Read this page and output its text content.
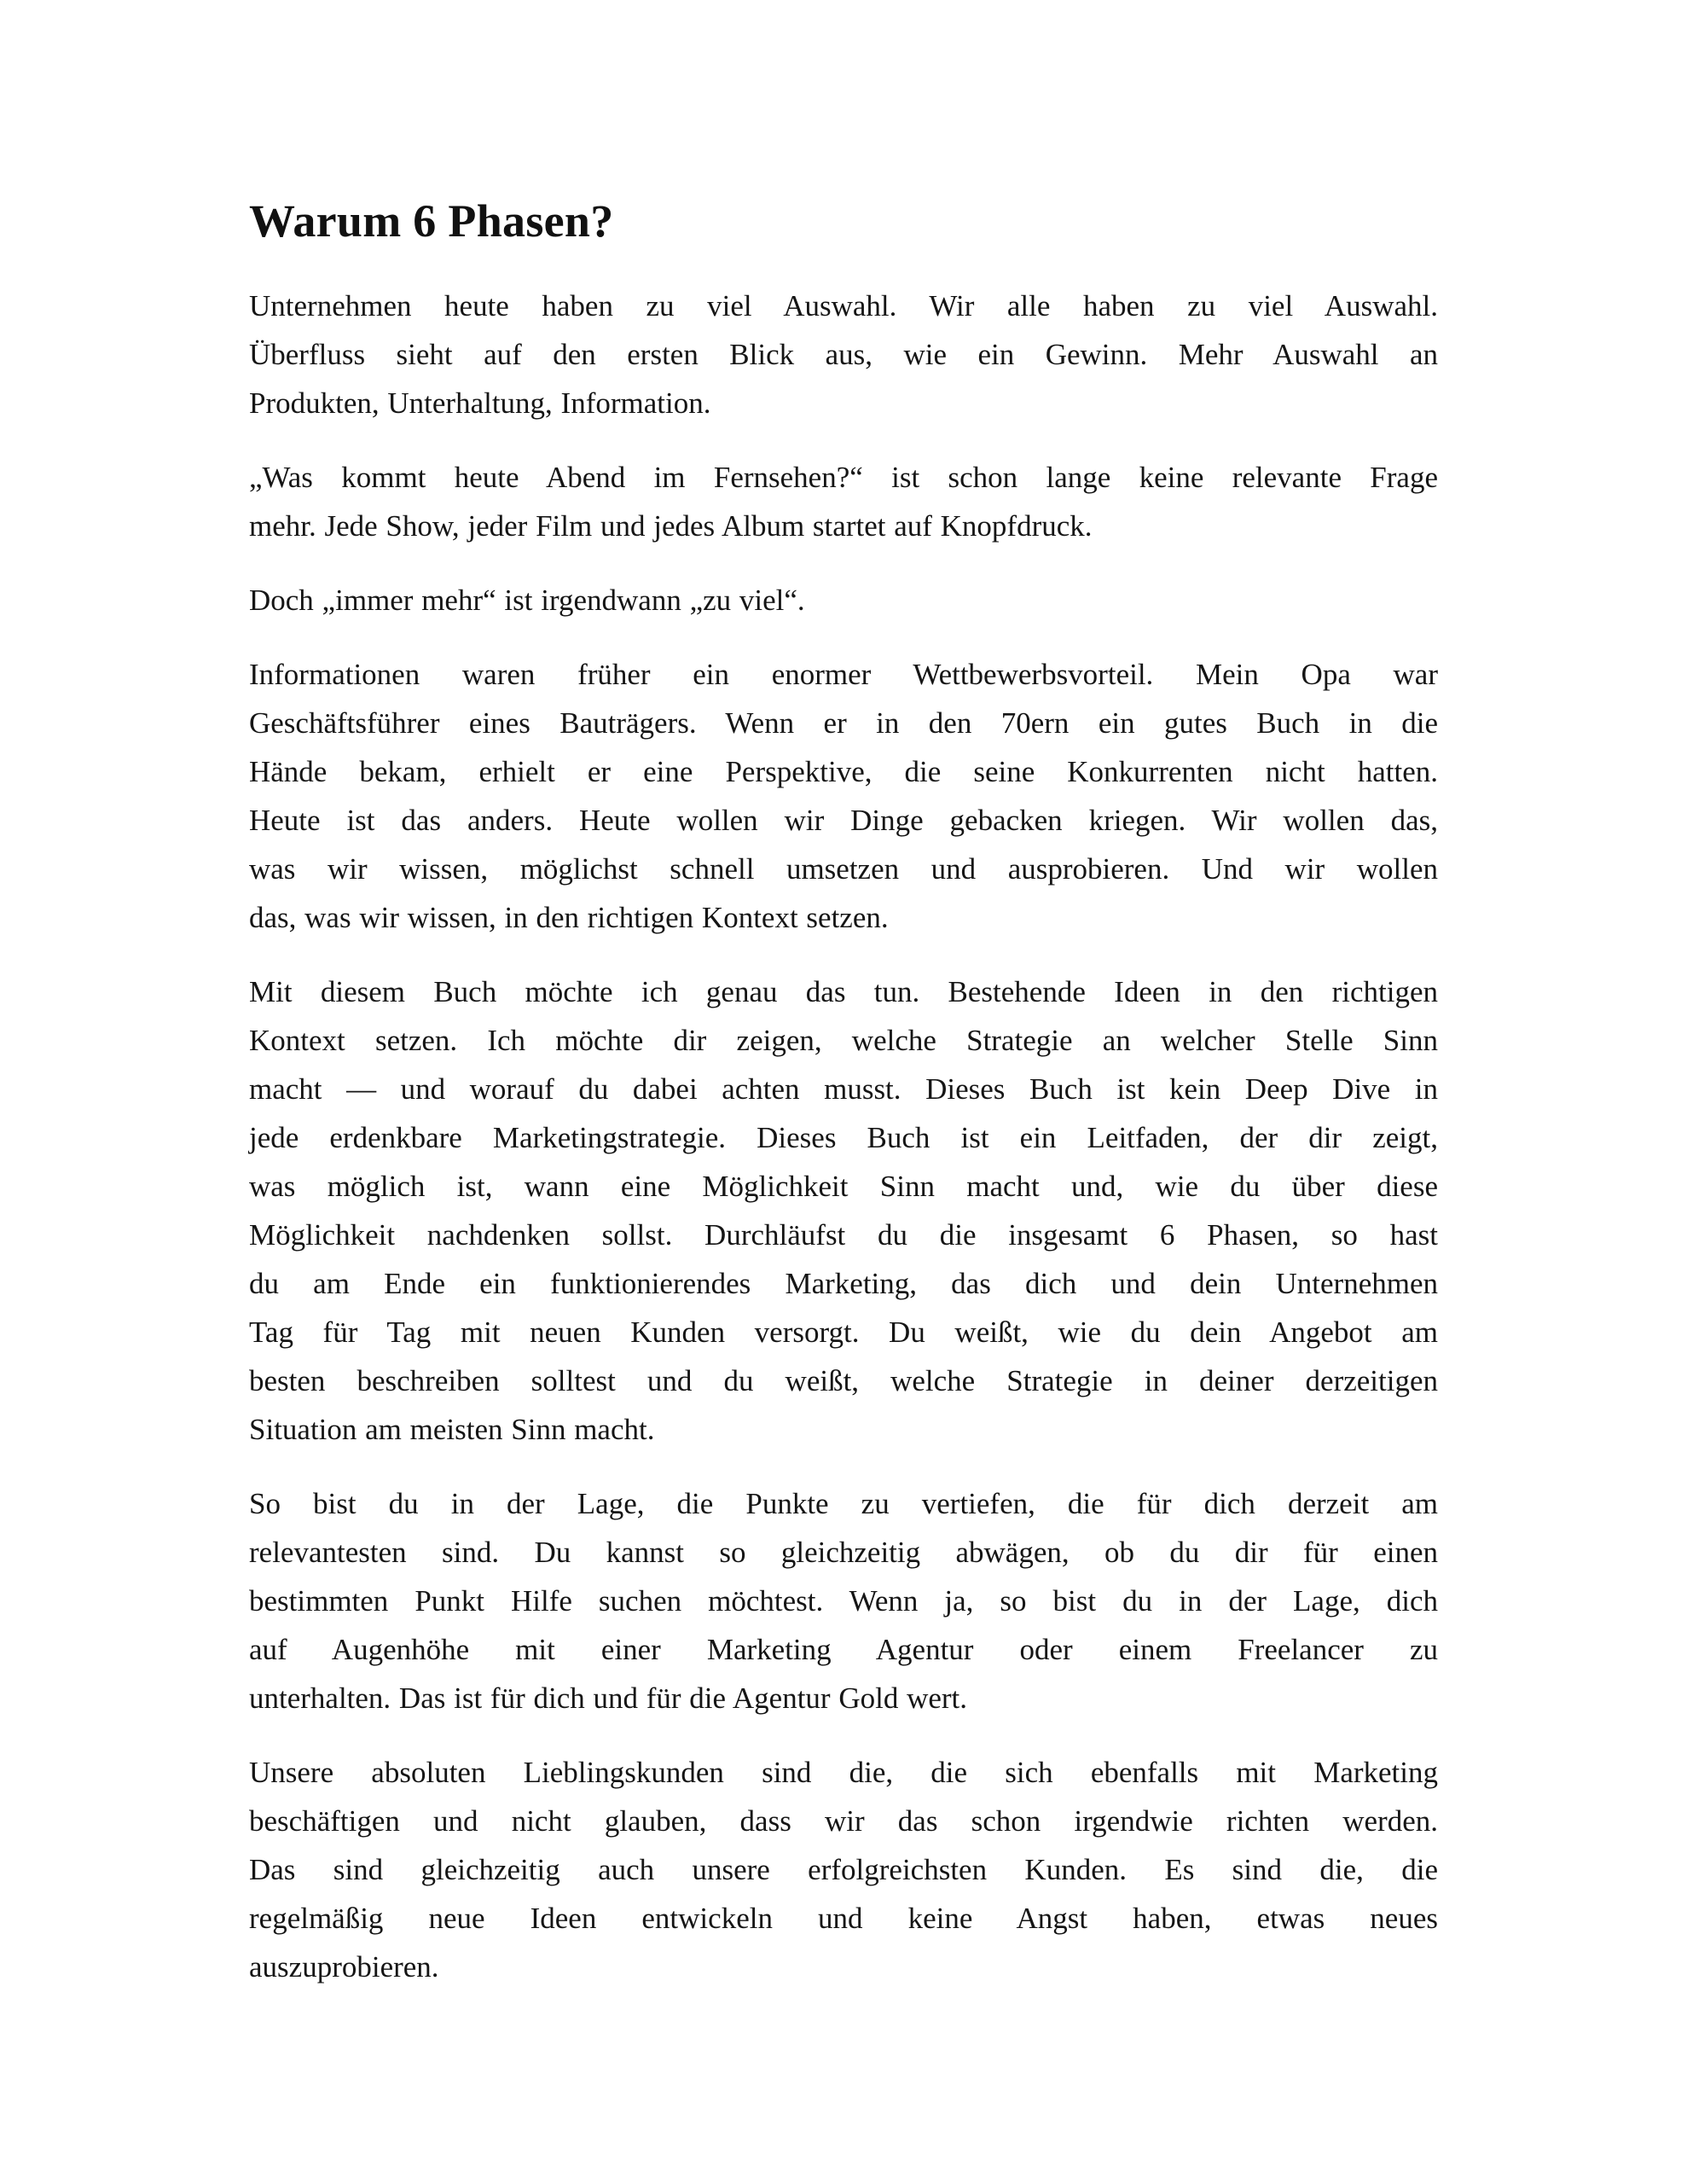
Warum 6 Phasen?
Unternehmen heute haben zu viel Auswahl. Wir alle haben zu viel Auswahl.
Überfluss sieht auf den ersten Blick aus, wie ein Gewinn. Mehr Auswahl an
Produkten, Unterhaltung, Information.
„Was kommt heute Abend im Fernsehen?“ ist schon lange keine relevante Frage
mehr. Jede Show, jeder Film und jedes Album startet auf Knopfdruck.
Doch „immer mehr“ ist irgendwann „zu viel“.
Informationen waren früher ein enormer Wettbewerbsvorteil. Mein Opa war
Geschäftsführer eines Bauträgers. Wenn er in den 70ern ein gutes Buch in die
Hände bekam, erhielt er eine Perspektive, die seine Konkurrenten nicht hatten.
Heute ist das anders. Heute wollen wir Dinge gebacken kriegen. Wir wollen das,
was wir wissen, möglichst schnell umsetzen und ausprobieren. Und wir wollen
das, was wir wissen, in den richtigen Kontext setzen.
Mit diesem Buch möchte ich genau das tun. Bestehende Ideen in den richtigen
Kontext setzen. Ich möchte dir zeigen, welche Strategie an welcher Stelle Sinn
macht — und worauf du dabei achten musst. Dieses Buch ist kein Deep Dive in
jede erdenkbare Marketingstrategie. Dieses Buch ist ein Leitfaden, der dir zeigt,
was möglich ist, wann eine Möglichkeit Sinn macht und, wie du über diese
Möglichkeit nachdenken sollst. Durchläufst du die insgesamt 6 Phasen, so hast
du am Ende ein funktionierendes Marketing, das dich und dein Unternehmen
Tag für Tag mit neuen Kunden versorgt. Du weißt, wie du dein Angebot am
besten beschreiben solltest und du weißt, welche Strategie in deiner derzeitigen
Situation am meisten Sinn macht.
So bist du in der Lage, die Punkte zu vertiefen, die für dich derzeit am
relevantesten sind. Du kannst so gleichzeitig abwägen, ob du dir für einen
bestimmten Punkt Hilfe suchen möchtest. Wenn ja, so bist du in der Lage, dich
auf Augenhöhe mit einer Marketing Agentur oder einem Freelancer zu
unterhalten. Das ist für dich und für die Agentur Gold wert.
Unsere absoluten Lieblingskunden sind die, die sich ebenfalls mit Marketing
beschäftigen und nicht glauben, dass wir das schon irgendwie richten werden.
Das sind gleichzeitig auch unsere erfolgreichsten Kunden. Es sind die, die
regelmäßig neue Ideen entwickeln und keine Angst haben, etwas neues
auszuprobieren.
